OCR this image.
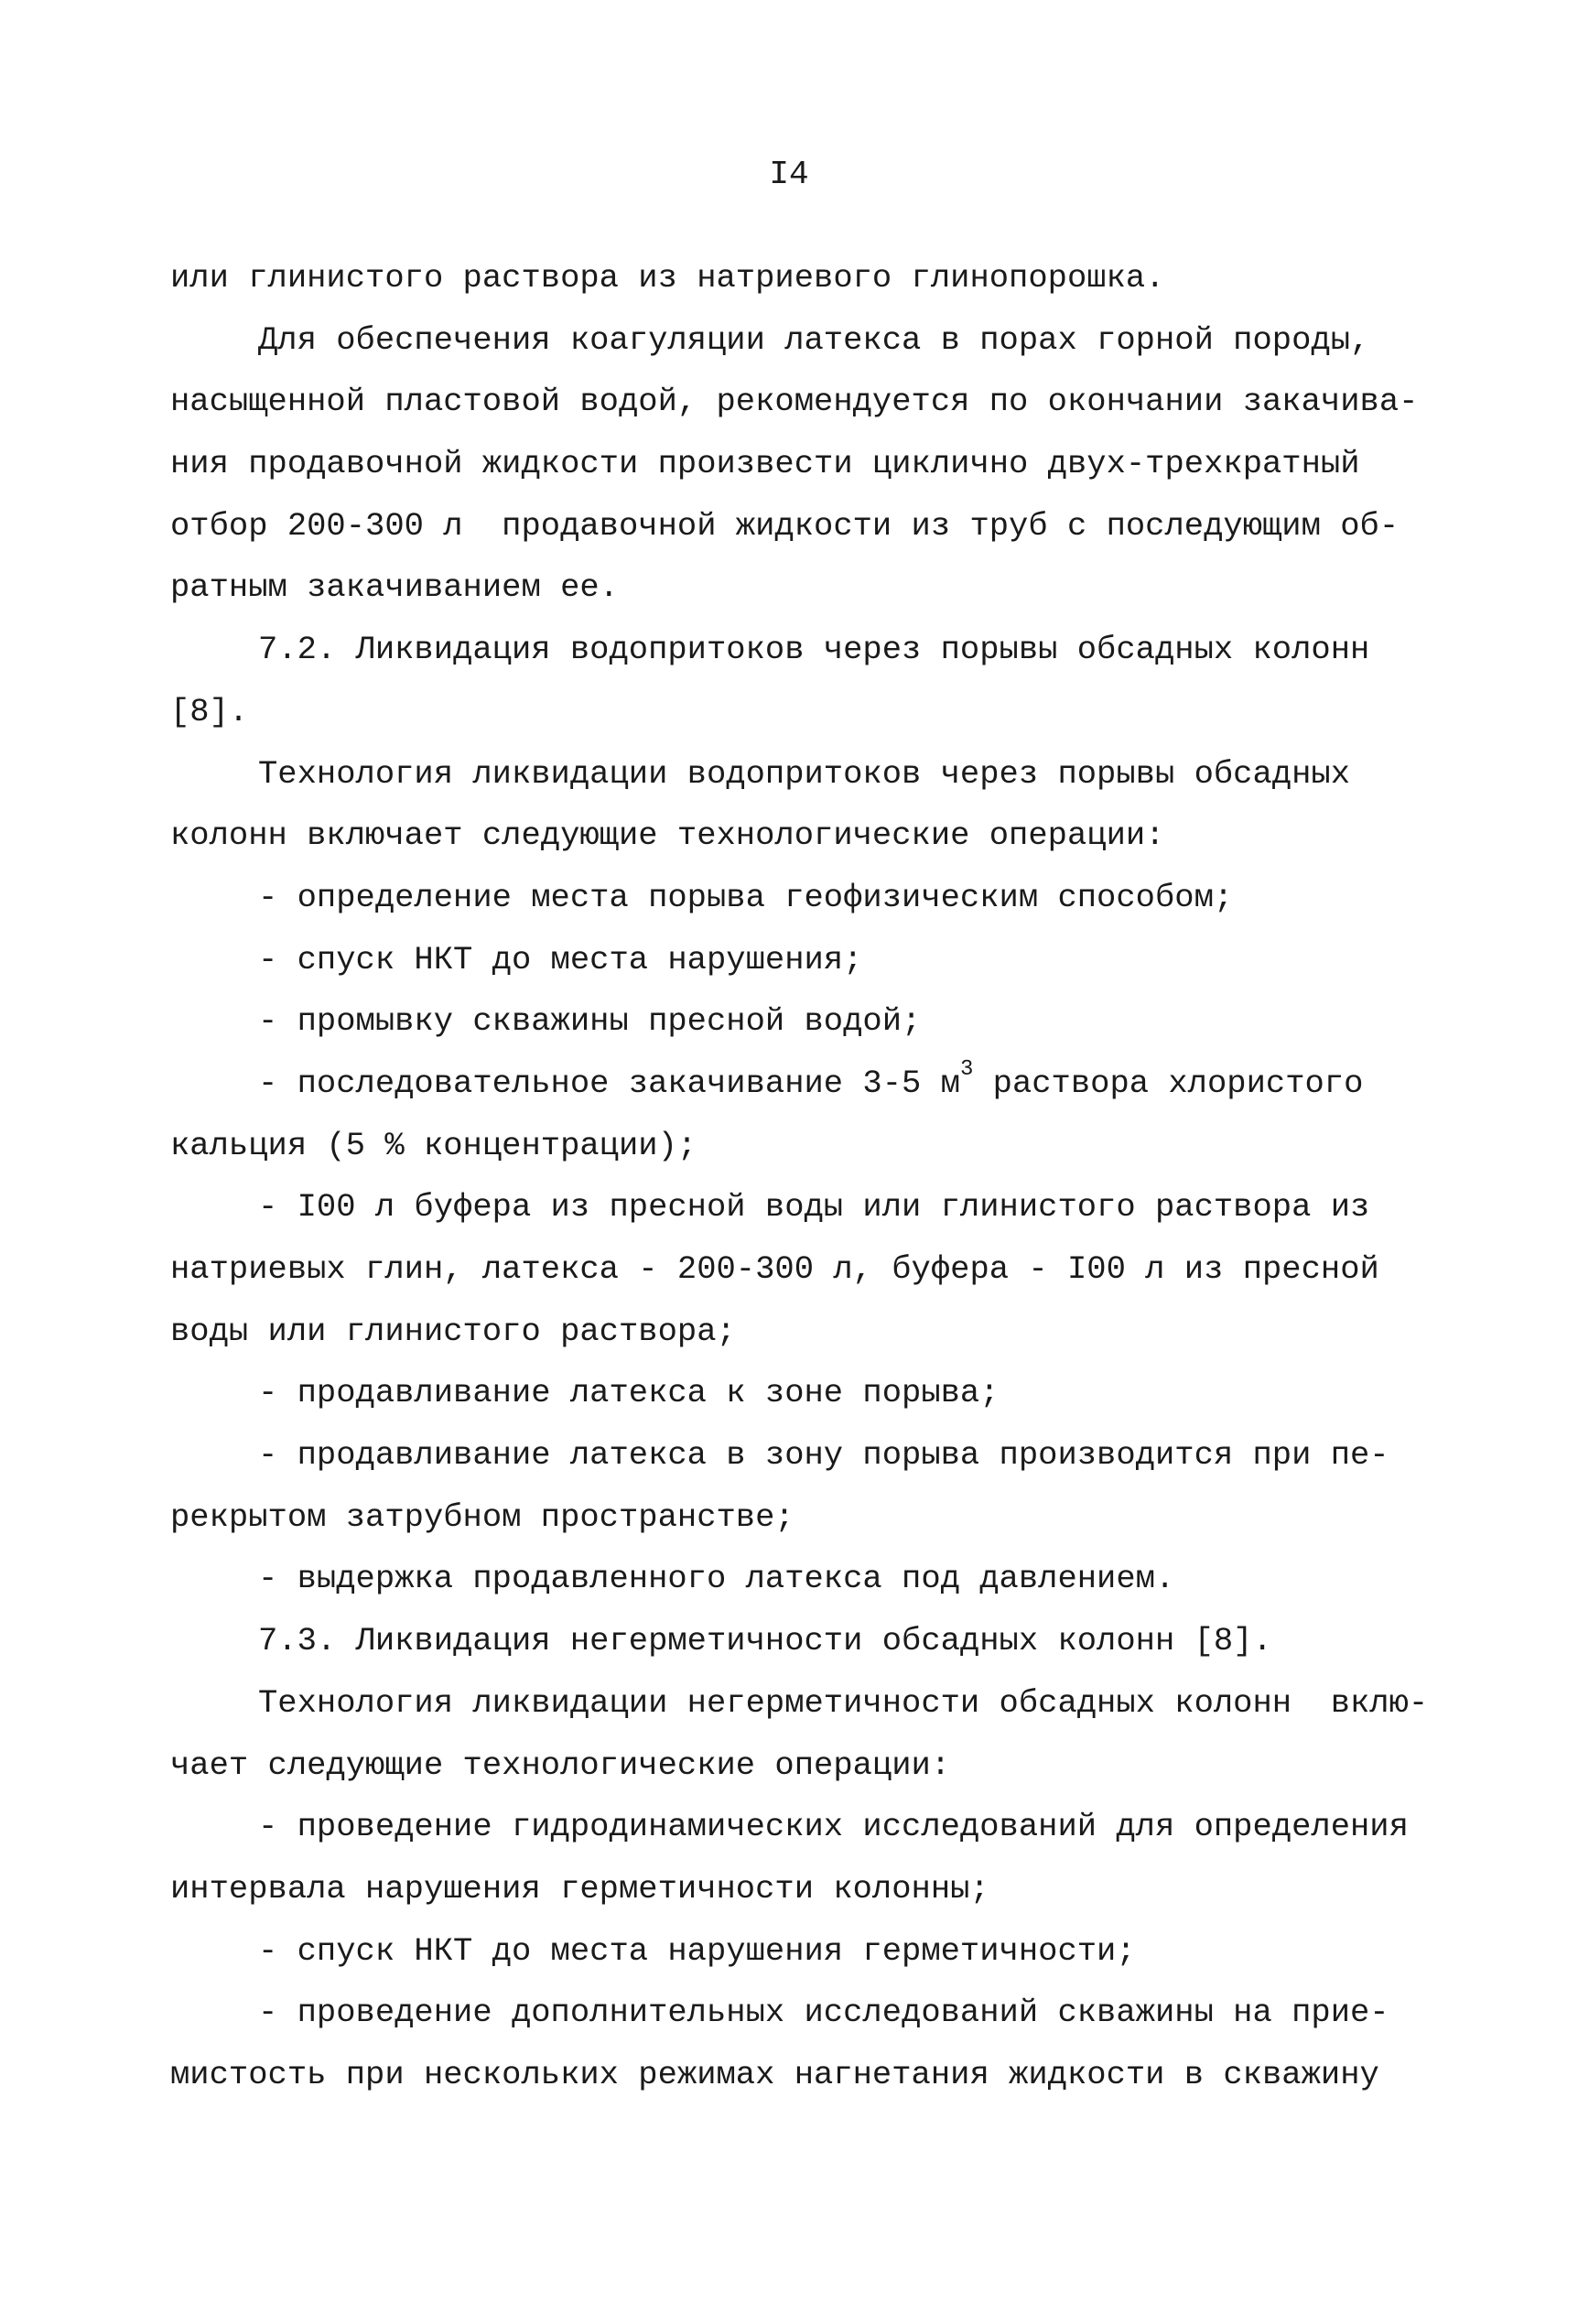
I4
или глинистого раствора из натриевого глинопорошка.
Для обеспечения коагуляции латекса в порах горной породы,
насыщенной пластовой водой, рекомендуется по окончании закачива-
ния продавочной жидкости произвести циклично двух-трехкратный
отбор 200-300 л  продавочной жидкости из труб с последующим об-
ратным закачиванием ее.
7.2. Ликвидация водопритоков через порывы обсадных колонн
[8].
Технология ликвидации водопритоков через порывы обсадных
колонн включает следующие технологические операции:
- определение места порыва геофизическим способом;
- спуск НКТ до места нарушения;
- промывку скважины пресной водой;
- последовательное закачивание 3-5 $м^3$ раствора хлористого
кальция (5 % концентрации);
- I00 л буфера из пресной воды или глинистого раствора из
натриевых глин, латекса - 200-300 л, буфера - I00 л из пресной
воды или глинистого раствора;
- продавливание латекса к зоне порыва;
- продавливание латекса в зону порыва производится при пе-
рекрытом затрубном пространстве;
- выдержка продавленного латекса под давлением.
7.3. Ликвидация негерметичности обсадных колонн [8].
Технология ликвидации негерметичности обсадных колонн  вклю-
чает следующие технологические операции:
- проведение гидродинамических исследований для определения
интервала нарушения герметичности колонны;
- спуск НКТ до места нарушения герметичности;
- проведение дополнительных исследований скважины на прие-
мистость при нескольких режимах нагнетания жидкости в скважину
